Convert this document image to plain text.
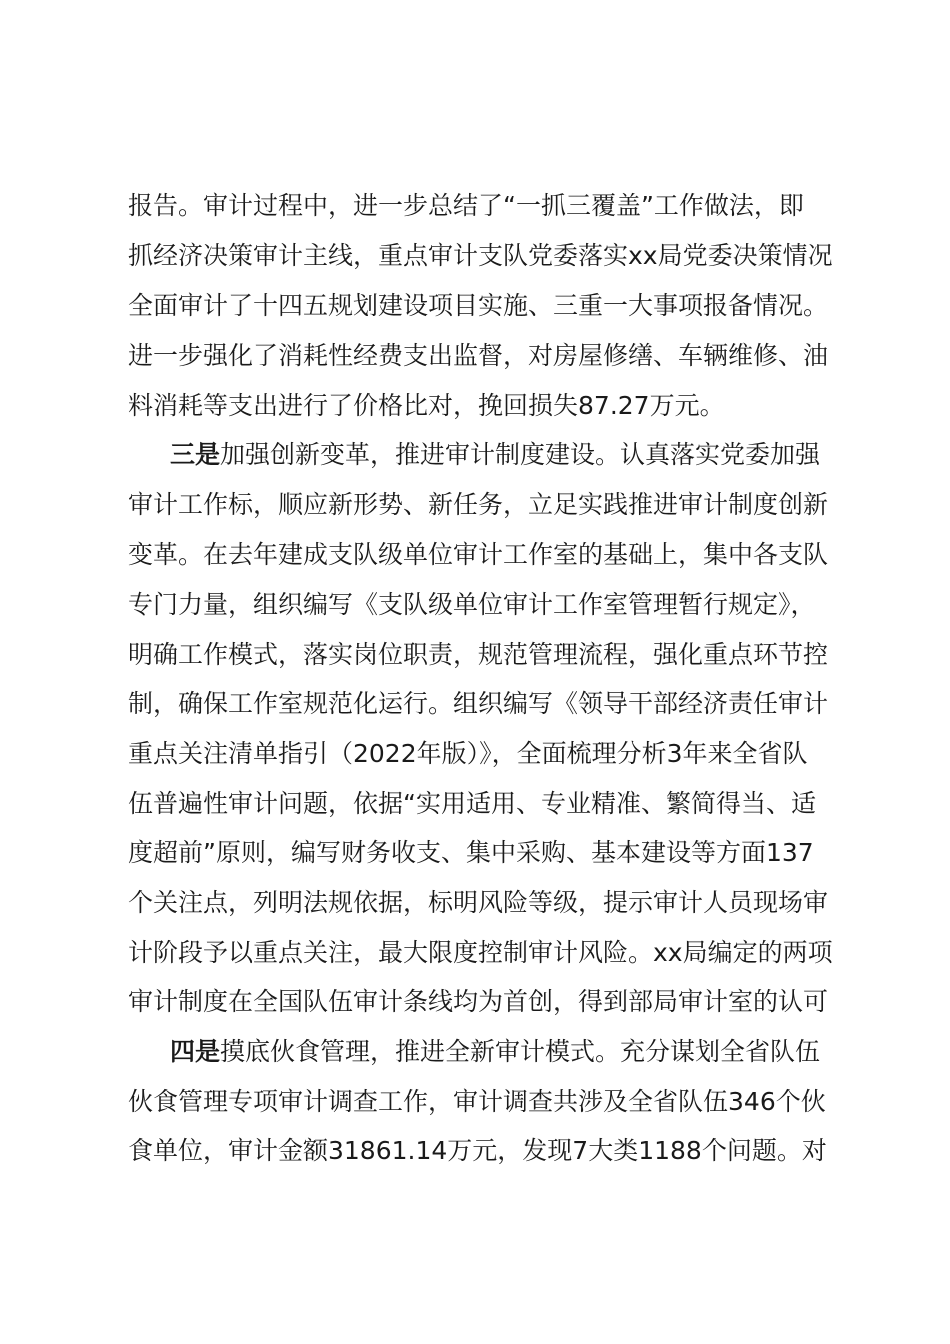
报告。审计过程中，进一步总结了“一抓三覆盖”工作做法，即
抓经济决策审计主线，重点审计支队党委落实xx局党委决策情况
全面审计了十四五规划建设项目实施、三重一大事项报备情况。
进一步强化了消耗性经费支出监督，对房屋修缮、车辆维修、油
料消耗等支出进行了价格比对，挽回损失87.27万元。
三是加强创新变革，推进审计制度建设。认真落实党委加强
审计工作标，顺应新形势、新任务，立足实践推进审计制度创新
变革。在去年建成支队级单位审计工作室的基础上，集中各支队
专门力量，组织编写《支队级单位审计工作室管理暂行规定》，
明确工作模式，落实岗位职责，规范管理流程，强化重点环节控
制，确保工作室规范化运行。组织编写《领导干部经济责任审计
重点关注清单指引（2022年版）》，全面梳理分析3年来全省队
伍普遍性审计问题，依据“实用适用、专业精准、繁简得当、适
度超前”原则，编写财务收支、集中采购、基本建设等方面137
个关注点，列明法规依据，标明风险等级，提示审计人员现场审
计阶段予以重点关注，最大限度控制审计风险。xx局编定的两项
审计制度在全国队伍审计条线均为首创，得到部局审计室的认可
四是摸底伙食管理，推进全新审计模式。充分谋划全省队伍
伙食管理专项审计调查工作，审计调查共涉及全省队伍346个伙
食单位，审计金额31861.14万元，发现7大类1188个问题。对
